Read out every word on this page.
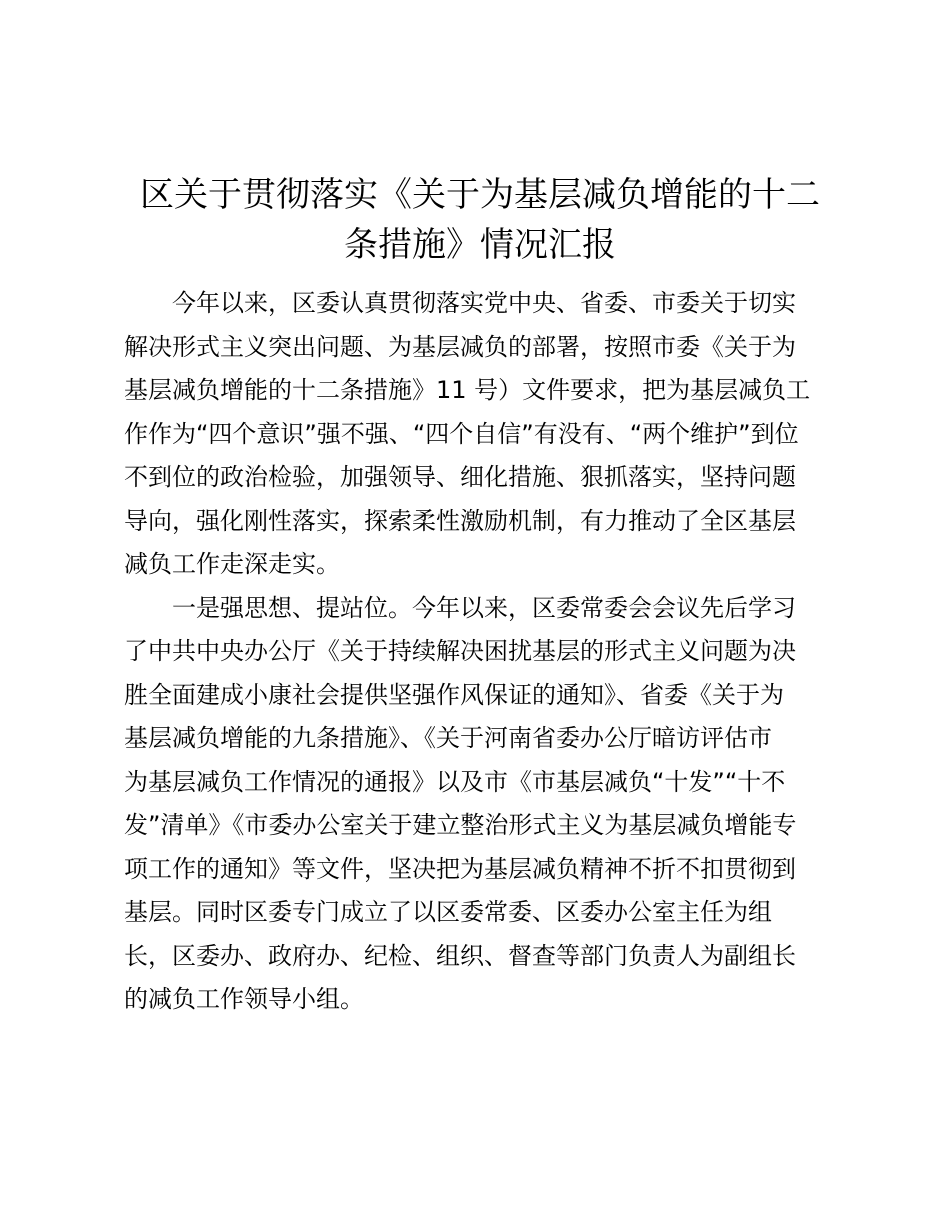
区关于贯彻落实《关于为基层减负增能的十二
条措施》情况汇报

今年以来，区委认真贯彻落实党中央、省委、市委关于切实
解决形式主义突出问题、为基层减负的部署，按照市委《关于为
基层减负增能的十二条措施》11 号）文件要求，把为基层减负工
作作为“四个意识”强不强、“四个自信”有没有、“两个维护”到位
不到位的政治检验，加强领导、细化措施、狠抓落实，坚持问题
导向，强化刚性落实，探索柔性激励机制，有力推动了全区基层
减负工作走深走实。

一是强思想、提站位。今年以来，区委常委会会议先后学习
了中共中央办公厅《关于持续解决困扰基层的形式主义问题为决
胜全面建成小康社会提供坚强作风保证的通知》、省委《关于为
基层减负增能的九条措施》、《关于河南省委办公厅暗访评估市
为基层减负工作情况的通报》以及市《市基层减负“十发”“十不
发”清单》《市委办公室关于建立整治形式主义为基层减负增能专
项工作的通知》等文件，坚决把为基层减负精神不折不扣贯彻到
基层。同时区委专门成立了以区委常委、区委办公室主任为组
长，区委办、政府办、纪检、组织、督查等部门负责人为副组长
的减负工作领导小组。
